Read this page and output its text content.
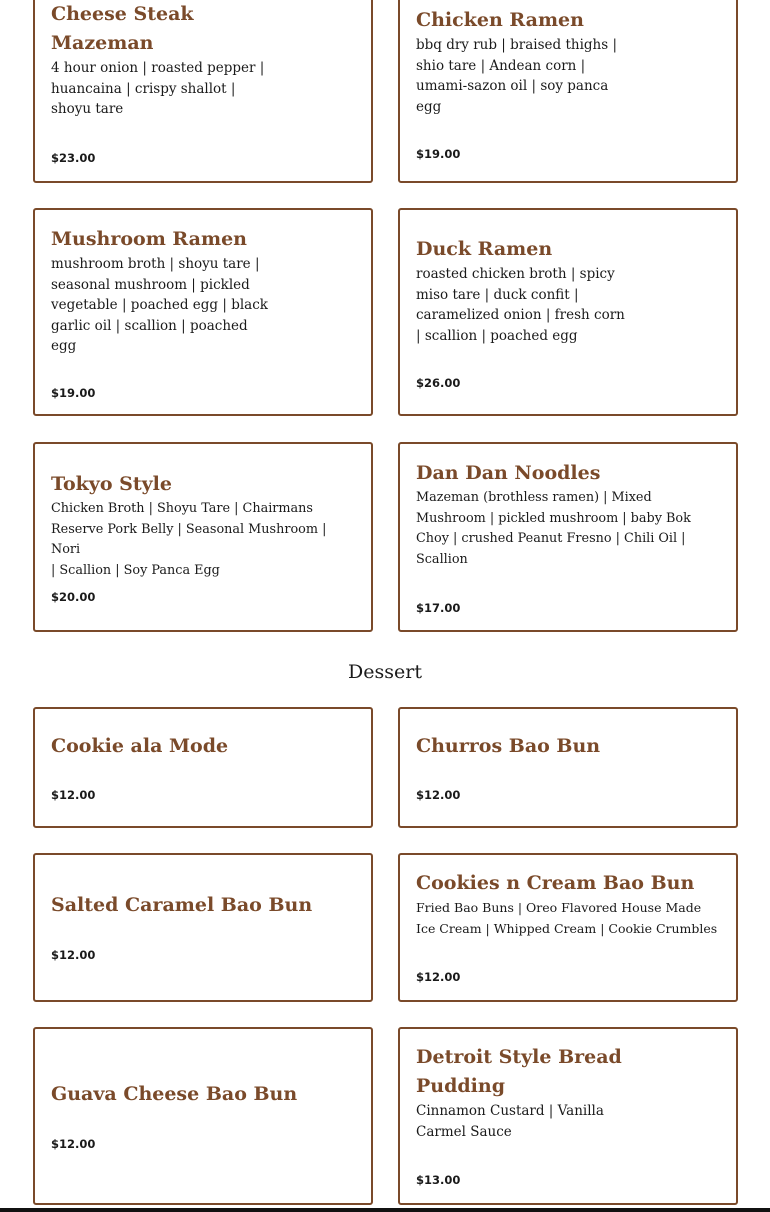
Cheese Steak
Mazeman
4 hour onion | roasted pepper |
huancaina | crispy shallot |
shoyu tare
$23.00
Chicken Ramen
bbq dry rub | braised thighs |
shio tare | Andean corn |
umami-sazon oil | soy panca
egg
$19.00
Mushroom Ramen
mushroom broth | shoyu tare |
seasonal mushroom | pickled
vegetable | poached egg | black
garlic oil | scallion | poached
egg
$19.00
Duck Ramen
roasted chicken broth | spicy
miso tare | duck confit |
caramelized onion | fresh corn
| scallion | poached egg
$26.00
Tokyo Style
Chicken Broth | Shoyu Tare | Chairmans
Reserve Pork Belly | Seasonal Mushroom | Nori
| Scallion | Soy Panca Egg
$20.00
Dan Dan Noodles
Mazeman (brothless ramen) | Mixed
Mushroom | pickled mushroom | baby Bok
Choy | crushed Peanut Fresno | Chili Oil |
Scallion
$17.00
Dessert
Cookie ala Mode
$12.00
Churros Bao Bun
$12.00
Salted Caramel Bao Bun
$12.00
Cookies n Cream Bao Bun
Fried Bao Buns | Oreo Flavored House Made
Ice Cream | Whipped Cream | Cookie Crumbles
$12.00
Guava Cheese Bao Bun
$12.00
Detroit Style Bread
Pudding
Cinnamon Custard | Vanilla
Carmel Sauce
$13.00
